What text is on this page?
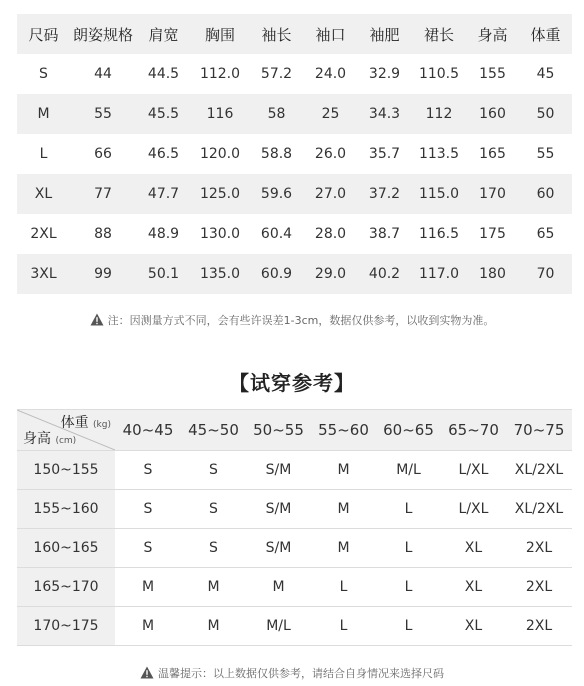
尺码 朗姿规格	肩宽	胸围	袖长	袖口	袖肥	裙长	身高	体重
S	44	44.5	112.0	57.2	24.0	32.9	110.5	155	45
M	55	45.5	116	58	25	34.3	112	160	50
L	66	46.5	120.0	58.8	26.0	35.7	113.5	165	55
XL	77	47.7	125.0	59.6	27.0	37.2	115.0	170	60
2XL	88	48.9	130.0	60.4	28.0	38.7	116.5	175	65
3XL	99	50.1	135.0	60.9	29.0	40.2	117.0	180	70
注：因测量方式不同，会有些许误差1-3cm，数据仅供参考，以收到实物为准。
【试穿参考】
体重 (kg)
身高 (cm)
40~45 45~50 50~55 55~60 60~65 65~70 70~75
150~155	S	S	S/M	M	M/L	L/XL	XL/2XL
155~160	S	S	S/M	M	L	L/XL	XL/2XL
160~165	S	S	S/M	M	L	XL	2XL
165~170	M	M	M	L	L	XL	2XL
170~175	M	M	M/L	L	L	XL	2XL
温馨提示：以上数据仅供参考，请结合自身情况来选择尺码
